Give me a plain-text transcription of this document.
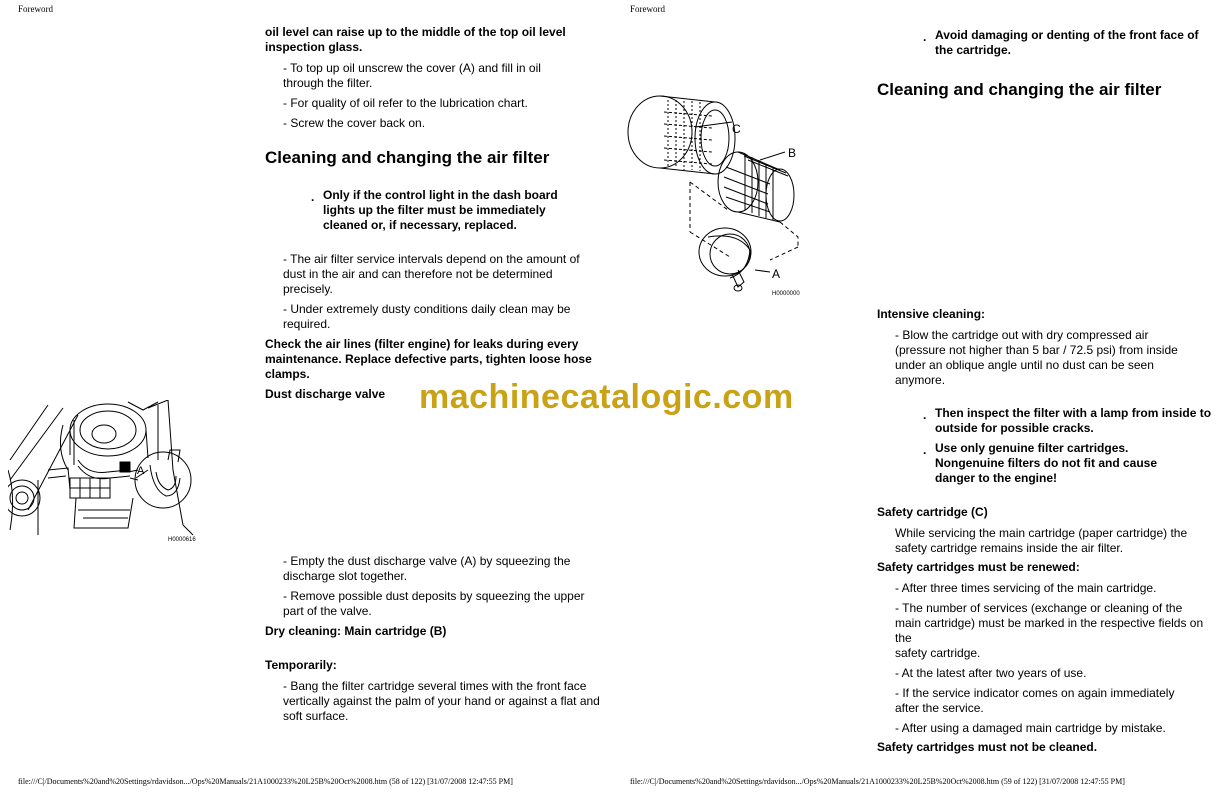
Foreword	Foreword
oil level can raise up to the middle of the top oil level inspection glass.
- To top up oil unscrew the cover (A) and fill in oil through the filter.
- For quality of oil refer to the lubrication chart.
- Screw the cover back on.
Cleaning and changing the air filter
. Only if the control light in the dash board lights up the filter must be immediately cleaned or, if necessary, replaced.
- The air filter service intervals depend on the amount of dust in the air and can therefore not be determined precisely.
- Under extremely dusty conditions daily clean may be required.
Check the air lines (filter engine) for leaks during every maintenance. Replace defective parts, tighten loose hose clamps.
Dust discharge valve
A
H0000616
machinecatalogic.com
- Empty the dust discharge valve (A) by squeezing the discharge slot together.
- Remove possible dust deposits by squeezing the upper part of the valve.
Dry cleaning: Main cartridge (B)
Temporarily:
- Bang the filter cartridge several times with the front face vertically against the palm of your hand or against a flat and
soft surface.
C
B
A
H0000000
. Avoid damaging or denting of the front face of the cartridge.
Cleaning and changing the air filter
Intensive cleaning:
- Blow the cartridge out with dry compressed air (pressure not higher than 5 bar / 72.5 psi) from inside under an oblique angle until no dust can be seen anymore.
. Then inspect the filter with a lamp from inside to outside for possible cracks.
. Use only genuine filter cartridges. Nongenuine filters do not fit and cause danger to the engine!
Safety cartridge (C)
While servicing the main cartridge (paper cartridge) the safety cartridge remains inside the air filter.
Safety cartridges must be renewed:
- After three times servicing of the main cartridge.
- The number of services (exchange or cleaning of the main cartridge) must be marked in the respective fields on the
safety cartridge.
- At the latest after two years of use.
- If the service indicator comes on again immediately after the service.
- After using a damaged main cartridge by mistake.
Safety cartridges must not be cleaned.
file:///C|/Documents%20and%20Settings/rdavidson.../Ops%20Manuals/21A1000233%20L25B%20Oct%2008.htm (58 of 122) [31/07/2008 12:47:55 PM]	file:///C|/Documents%20and%20Settings/rdavidson.../Ops%20Manuals/21A1000233%20L25B%20Oct%2008.htm (59 of 122) [31/07/2008 12:47:55 PM]
